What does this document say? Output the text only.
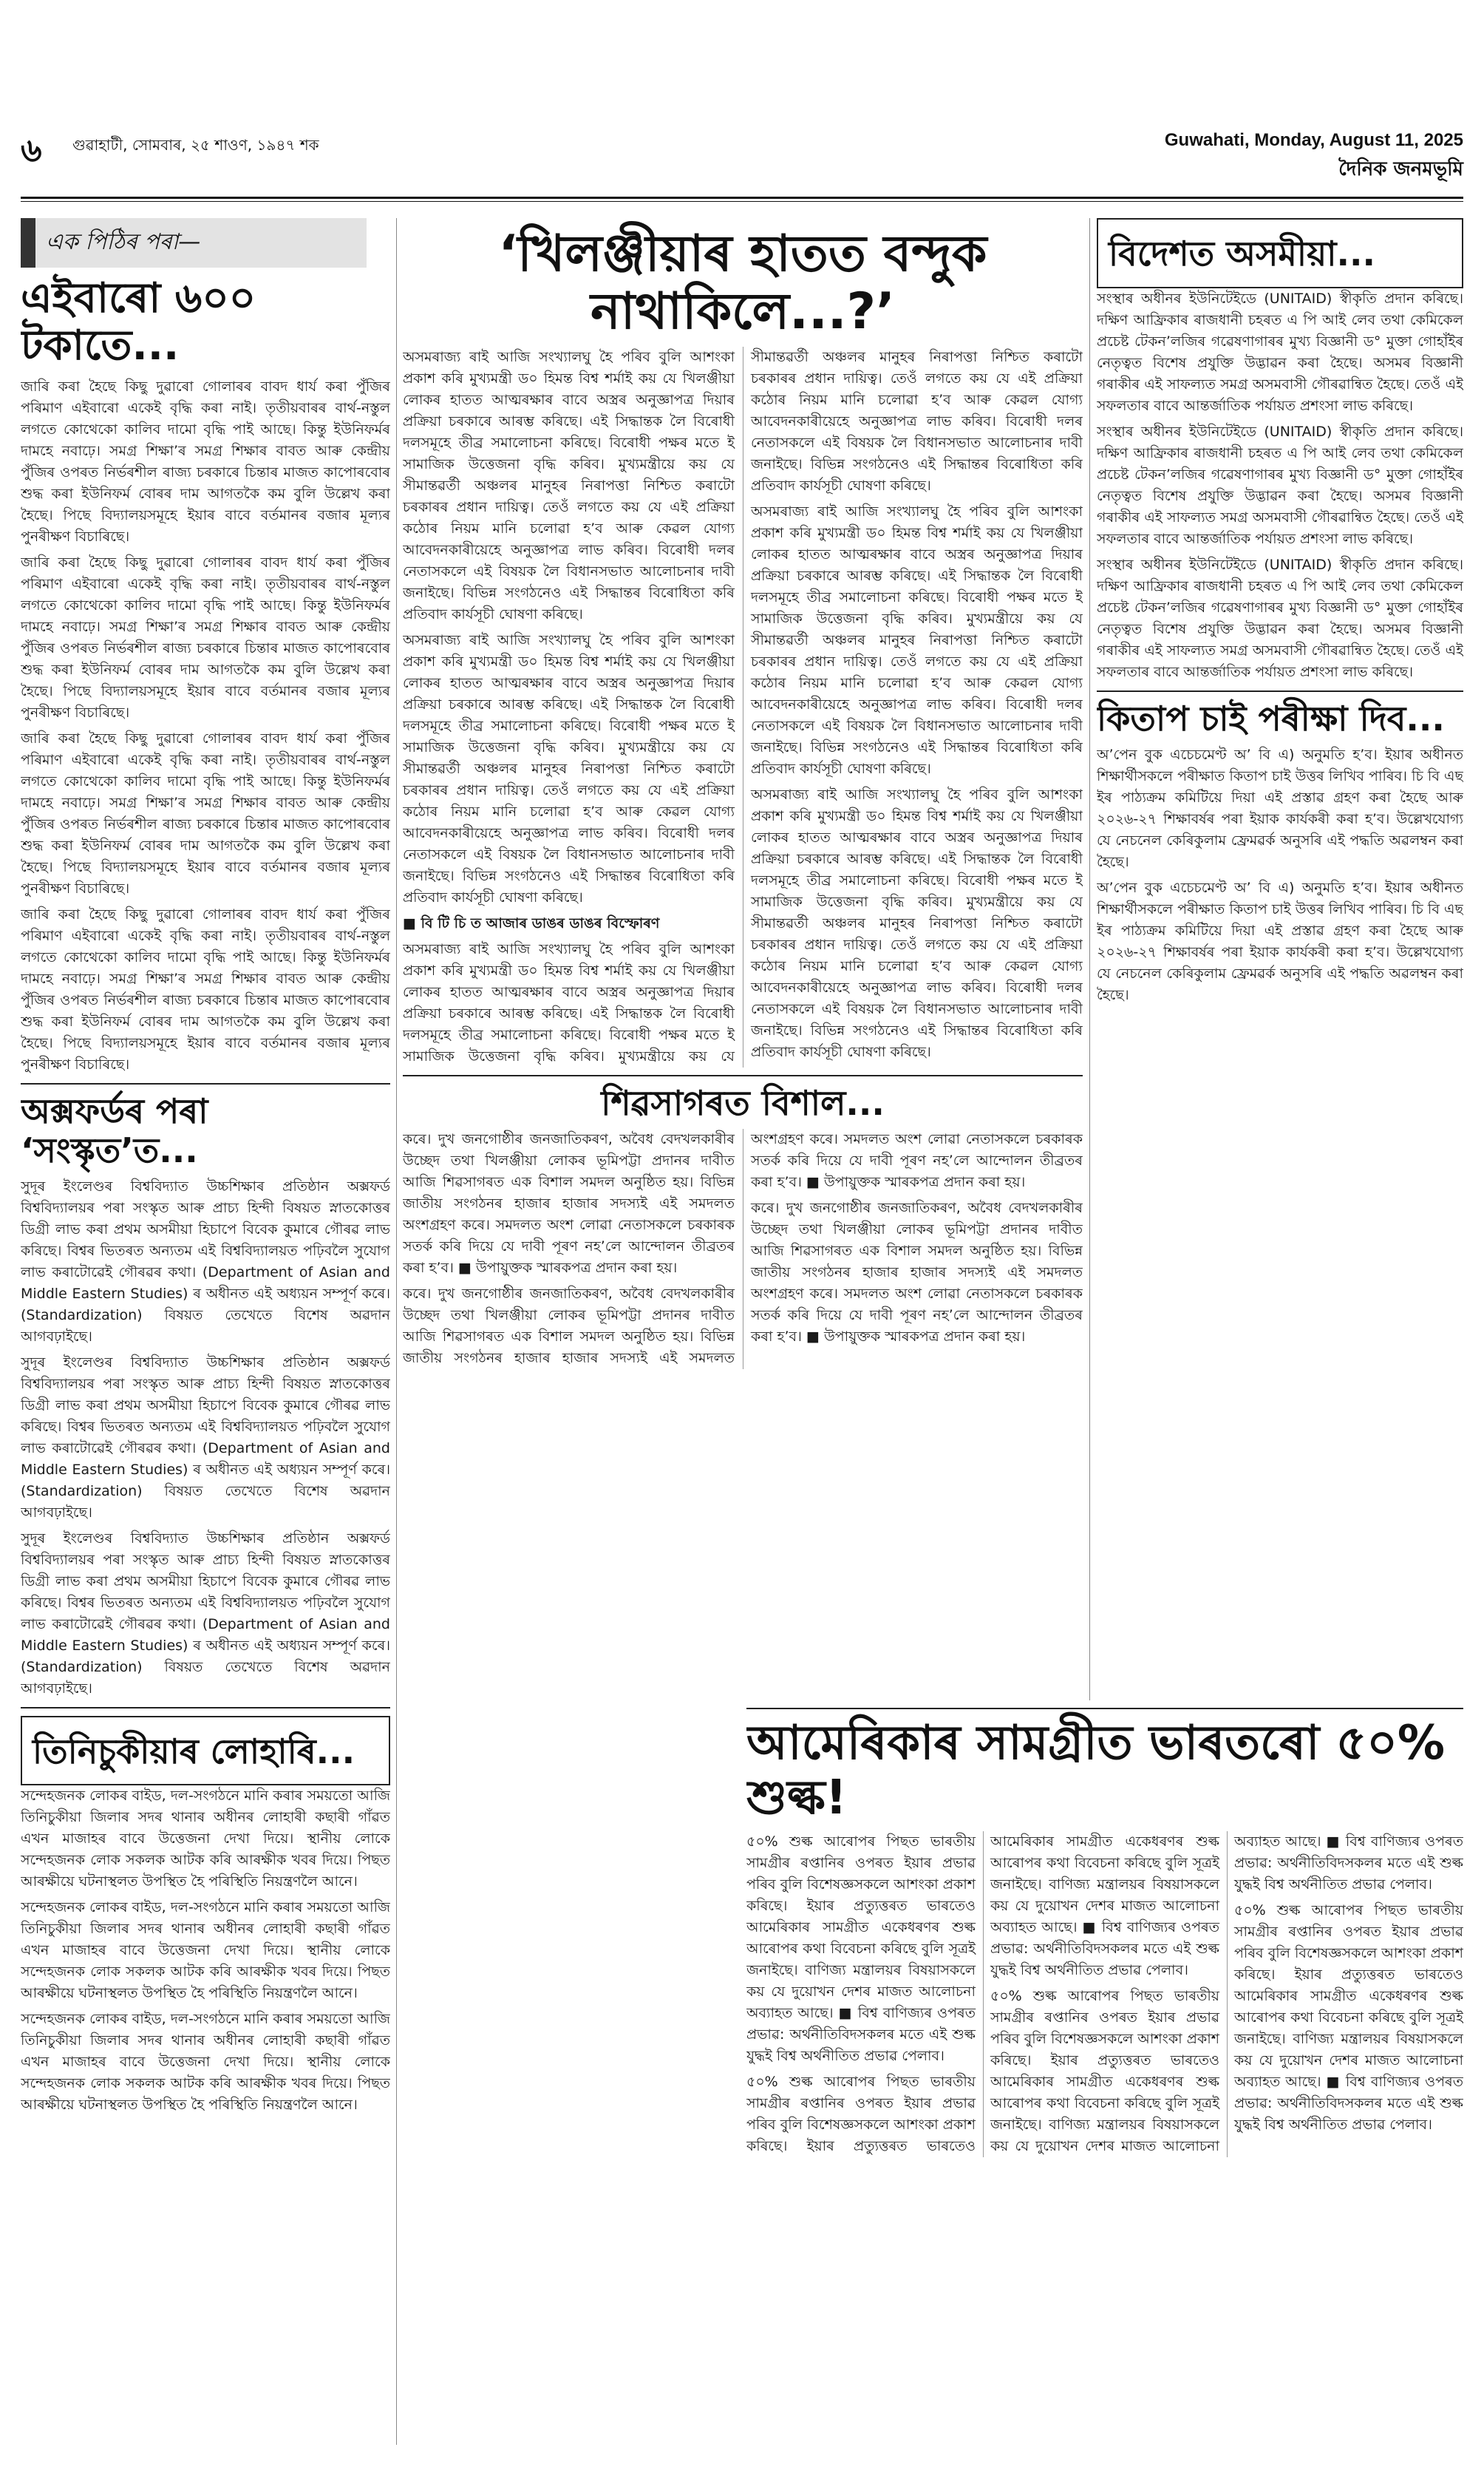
৬ গুৱাহাটী, সোমবাৰ, ২৫ শাওণ, ১৯৪৭ শক	Guwahati, Monday, August 11, 2025
দৈনিক জনমভূমি
এক পিঠিৰ পৰা—
এইবাৰো ৬০০ টকাতে...

জাৰি কৰা হৈছে কিছু দুৱাৰো গোলাৰৰ বাবদ ধাৰ্য কৰা পুঁজিৰ পৰিমাণ এইবাৰো একেই বৃদ্ধি কৰা নাই। তৃতীয়বাৰৰ বাৰ্থ-নস্তুল লগতে কোথেকো কালিব দামো বৃদ্ধি পাই আছে। কিন্তু ইউনিফৰ্মৰ দামহে নবাঢ়ে। সমগ্ৰ শিক্ষা’ৰ সমগ্ৰ শিক্ষাৰ বাবত আৰু কেন্দ্ৰীয় পুঁজিৰ ওপৰত নিৰ্ভৰশীল ৰাজ্য চৰকাৰে চিন্তাৰ মাজত কাপোৰবোৰ শুদ্ধ কৰা ইউনিফৰ্ম বোৰৰ দাম আগতকৈ কম বুলি উল্লেখ কৰা হৈছে। পিছে বিদ্যালয়সমূহে ইয়াৰ বাবে বৰ্তমানৰ বজাৰ মূল্যৰ পুনৰীক্ষণ বিচাৰিছে।

জাৰি কৰা হৈছে কিছু দুৱাৰো গোলাৰৰ বাবদ ধাৰ্য কৰা পুঁজিৰ পৰিমাণ এইবাৰো একেই বৃদ্ধি কৰা নাই। তৃতীয়বাৰৰ বাৰ্থ-নস্তুল লগতে কোথেকো কালিব দামো বৃদ্ধি পাই আছে। কিন্তু ইউনিফৰ্মৰ দামহে নবাঢ়ে। সমগ্ৰ শিক্ষা’ৰ সমগ্ৰ শিক্ষাৰ বাবত আৰু কেন্দ্ৰীয় পুঁজিৰ ওপৰত নিৰ্ভৰশীল ৰাজ্য চৰকাৰে চিন্তাৰ মাজত কাপোৰবোৰ শুদ্ধ কৰা ইউনিফৰ্ম বোৰৰ দাম আগতকৈ কম বুলি উল্লেখ কৰা হৈছে। পিছে বিদ্যালয়সমূহে ইয়াৰ বাবে বৰ্তমানৰ বজাৰ মূল্যৰ পুনৰীক্ষণ বিচাৰিছে।

জাৰি কৰা হৈছে কিছু দুৱাৰো গোলাৰৰ বাবদ ধাৰ্য কৰা পুঁজিৰ পৰিমাণ এইবাৰো একেই বৃদ্ধি কৰা নাই। তৃতীয়বাৰৰ বাৰ্থ-নস্তুল লগতে কোথেকো কালিব দামো বৃদ্ধি পাই আছে। কিন্তু ইউনিফৰ্মৰ দামহে নবাঢ়ে। সমগ্ৰ শিক্ষা’ৰ সমগ্ৰ শিক্ষাৰ বাবত আৰু কেন্দ্ৰীয় পুঁজিৰ ওপৰত নিৰ্ভৰশীল ৰাজ্য চৰকাৰে চিন্তাৰ মাজত কাপোৰবোৰ শুদ্ধ কৰা ইউনিফৰ্ম বোৰৰ দাম আগতকৈ কম বুলি উল্লেখ কৰা হৈছে। পিছে বিদ্যালয়সমূহে ইয়াৰ বাবে বৰ্তমানৰ বজাৰ মূল্যৰ পুনৰীক্ষণ বিচাৰিছে।

জাৰি কৰা হৈছে কিছু দুৱাৰো গোলাৰৰ বাবদ ধাৰ্য কৰা পুঁজিৰ পৰিমাণ এইবাৰো একেই বৃদ্ধি কৰা নাই। তৃতীয়বাৰৰ বাৰ্থ-নস্তুল লগতে কোথেকো কালিব দামো বৃদ্ধি পাই আছে। কিন্তু ইউনিফৰ্মৰ দামহে নবাঢ়ে। সমগ্ৰ শিক্ষা’ৰ সমগ্ৰ শিক্ষাৰ বাবত আৰু কেন্দ্ৰীয় পুঁজিৰ ওপৰত নিৰ্ভৰশীল ৰাজ্য চৰকাৰে চিন্তাৰ মাজত কাপোৰবোৰ শুদ্ধ কৰা ইউনিফৰ্ম বোৰৰ দাম আগতকৈ কম বুলি উল্লেখ কৰা হৈছে। পিছে বিদ্যালয়সমূহে ইয়াৰ বাবে বৰ্তমানৰ বজাৰ মূল্যৰ পুনৰীক্ষণ বিচাৰিছে।

অক্সফৰ্ডৰ পৰা ‘সংস্কৃত’ত...

সুদূৰ ইংলেণ্ডৰ বিশ্ববিদ্যাত উচ্চশিক্ষাৰ প্ৰতিষ্ঠান অক্সফৰ্ড বিশ্ববিদ্যালয়ৰ পৰা সংস্কৃত আৰু প্ৰাচ্য হিন্দী বিষয়ত স্নাতকোত্তৰ ডিগ্ৰী লাভ কৰা প্ৰথম অসমীয়া হিচাপে বিবেক কুমাৰে গৌৰৱ লাভ কৰিছে। বিশ্বৰ ভিতৰত অন্যতম এই বিশ্ববিদ্যালয়ত পঢ়িবলৈ সুযোগ লাভ কৰাটোৱেই গৌৰৱৰ কথা। (Department of Asian and Middle Eastern Studies) ৰ অধীনত এই অধ্যয়ন সম্পূৰ্ণ কৰে। (Standardization) বিষয়ত তেখেতে বিশেষ অৱদান আগবঢ়াইছে।

সুদূৰ ইংলেণ্ডৰ বিশ্ববিদ্যাত উচ্চশিক্ষাৰ প্ৰতিষ্ঠান অক্সফৰ্ড বিশ্ববিদ্যালয়ৰ পৰা সংস্কৃত আৰু প্ৰাচ্য হিন্দী বিষয়ত স্নাতকোত্তৰ ডিগ্ৰী লাভ কৰা প্ৰথম অসমীয়া হিচাপে বিবেক কুমাৰে গৌৰৱ লাভ কৰিছে। বিশ্বৰ ভিতৰত অন্যতম এই বিশ্ববিদ্যালয়ত পঢ়িবলৈ সুযোগ লাভ কৰাটোৱেই গৌৰৱৰ কথা। (Department of Asian and Middle Eastern Studies) ৰ অধীনত এই অধ্যয়ন সম্পূৰ্ণ কৰে। (Standardization) বিষয়ত তেখেতে বিশেষ অৱদান আগবঢ়াইছে।

সুদূৰ ইংলেণ্ডৰ বিশ্ববিদ্যাত উচ্চশিক্ষাৰ প্ৰতিষ্ঠান অক্সফৰ্ড বিশ্ববিদ্যালয়ৰ পৰা সংস্কৃত আৰু প্ৰাচ্য হিন্দী বিষয়ত স্নাতকোত্তৰ ডিগ্ৰী লাভ কৰা প্ৰথম অসমীয়া হিচাপে বিবেক কুমাৰে গৌৰৱ লাভ কৰিছে। বিশ্বৰ ভিতৰত অন্যতম এই বিশ্ববিদ্যালয়ত পঢ়িবলৈ সুযোগ লাভ কৰাটোৱেই গৌৰৱৰ কথা। (Department of Asian and Middle Eastern Studies) ৰ অধীনত এই অধ্যয়ন সম্পূৰ্ণ কৰে। (Standardization) বিষয়ত তেখেতে বিশেষ অৱদান আগবঢ়াইছে।

তিনিচুকীয়াৰ লোহাৰি...

সন্দেহজনক লোকৰ বাইড, দল-সংগঠনে মানি কৰাৰ সময়তো আজি তিনিচুকীয়া জিলাৰ সদৰ থানাৰ অধীনৰ লোহাৰী কছাৰী গাঁৱত এখন মাজাহৰ বাবে উত্তেজনা দেখা দিয়ে। স্থানীয় লোকে সন্দেহজনক লোক সকলক আটক কৰি আৰক্ষীক খবৰ দিয়ে। পিছত আৰক্ষীয়ে ঘটনাস্থলত উপস্থিত হৈ পৰিস্থিতি নিয়ন্ত্ৰণলৈ আনে।

সন্দেহজনক লোকৰ বাইড, দল-সংগঠনে মানি কৰাৰ সময়তো আজি তিনিচুকীয়া জিলাৰ সদৰ থানাৰ অধীনৰ লোহাৰী কছাৰী গাঁৱত এখন মাজাহৰ বাবে উত্তেজনা দেখা দিয়ে। স্থানীয় লোকে সন্দেহজনক লোক সকলক আটক কৰি আৰক্ষীক খবৰ দিয়ে। পিছত আৰক্ষীয়ে ঘটনাস্থলত উপস্থিত হৈ পৰিস্থিতি নিয়ন্ত্ৰণলৈ আনে।

সন্দেহজনক লোকৰ বাইড, দল-সংগঠনে মানি কৰাৰ সময়তো আজি তিনিচুকীয়া জিলাৰ সদৰ থানাৰ অধীনৰ লোহাৰী কছাৰী গাঁৱত এখন মাজাহৰ বাবে উত্তেজনা দেখা দিয়ে। স্থানীয় লোকে সন্দেহজনক লোক সকলক আটক কৰি আৰক্ষীক খবৰ দিয়ে। পিছত আৰক্ষীয়ে ঘটনাস্থলত উপস্থিত হৈ পৰিস্থিতি নিয়ন্ত্ৰণলৈ আনে।

‘খিলঞ্জীয়াৰ হাতত বন্দুক নাথাকিলে...?’

অসমৰাজ্য ৰাই আজি সংখ্যালঘু হৈ পৰিব বুলি আশংকা প্ৰকাশ কৰি মুখ্যমন্ত্ৰী ড০ হিমন্ত বিশ্ব শৰ্মাই কয় যে খিলঞ্জীয়া লোকৰ হাতত আত্মৰক্ষাৰ বাবে অস্ত্ৰৰ অনুজ্ঞাপত্ৰ দিয়াৰ প্ৰক্ৰিয়া চৰকাৰে আৰম্ভ কৰিছে। এই সিদ্ধান্তক লৈ বিৰোধী দলসমূহে তীব্ৰ সমালোচনা কৰিছে। বিৰোধী পক্ষৰ মতে ই সামাজিক উত্তেজনা বৃদ্ধি কৰিব। মুখ্যমন্ত্ৰীয়ে কয় যে সীমান্তৱৰ্তী অঞ্চলৰ মানুহৰ নিৰাপত্তা নিশ্চিত কৰাটো চৰকাৰৰ প্ৰধান দায়িত্ব। তেওঁ লগতে কয় যে এই প্ৰক্ৰিয়া কঠোৰ নিয়ম মানি চলোৱা হ’ব আৰু কেৱল যোগ্য আবেদনকাৰীয়েহে অনুজ্ঞাপত্ৰ লাভ কৰিব। বিৰোধী দলৰ নেতাসকলে এই বিষয়ক লৈ বিধানসভাত আলোচনাৰ দাবী জনাইছে। বিভিন্ন সংগঠনেও এই সিদ্ধান্তৰ বিৰোধিতা কৰি প্ৰতিবাদ কাৰ্যসূচী ঘোষণা কৰিছে।

অসমৰাজ্য ৰাই আজি সংখ্যালঘু হৈ পৰিব বুলি আশংকা প্ৰকাশ কৰি মুখ্যমন্ত্ৰী ড০ হিমন্ত বিশ্ব শৰ্মাই কয় যে খিলঞ্জীয়া লোকৰ হাতত আত্মৰক্ষাৰ বাবে অস্ত্ৰৰ অনুজ্ঞাপত্ৰ দিয়াৰ প্ৰক্ৰিয়া চৰকাৰে আৰম্ভ কৰিছে। এই সিদ্ধান্তক লৈ বিৰোধী দলসমূহে তীব্ৰ সমালোচনা কৰিছে। বিৰোধী পক্ষৰ মতে ই সামাজিক উত্তেজনা বৃদ্ধি কৰিব। মুখ্যমন্ত্ৰীয়ে কয় যে সীমান্তৱৰ্তী অঞ্চলৰ মানুহৰ নিৰাপত্তা নিশ্চিত কৰাটো চৰকাৰৰ প্ৰধান দায়িত্ব। তেওঁ লগতে কয় যে এই প্ৰক্ৰিয়া কঠোৰ নিয়ম মানি চলোৱা হ’ব আৰু কেৱল যোগ্য আবেদনকাৰীয়েহে অনুজ্ঞাপত্ৰ লাভ কৰিব। বিৰোধী দলৰ নেতাসকলে এই বিষয়ক লৈ বিধানসভাত আলোচনাৰ দাবী জনাইছে। বিভিন্ন সংগঠনেও এই সিদ্ধান্তৰ বিৰোধিতা কৰি প্ৰতিবাদ কাৰ্যসূচী ঘোষণা কৰিছে।

■ বি টি চি ত আজাৰ ডাঙৰ ডাঙৰ বিস্ফোৰণ

অসমৰাজ্য ৰাই আজি সংখ্যালঘু হৈ পৰিব বুলি আশংকা প্ৰকাশ কৰি মুখ্যমন্ত্ৰী ড০ হিমন্ত বিশ্ব শৰ্মাই কয় যে খিলঞ্জীয়া লোকৰ হাতত আত্মৰক্ষাৰ বাবে অস্ত্ৰৰ অনুজ্ঞাপত্ৰ দিয়াৰ প্ৰক্ৰিয়া চৰকাৰে আৰম্ভ কৰিছে। এই সিদ্ধান্তক লৈ বিৰোধী দলসমূহে তীব্ৰ সমালোচনা কৰিছে। বিৰোধী পক্ষৰ মতে ই সামাজিক উত্তেজনা বৃদ্ধি কৰিব। মুখ্যমন্ত্ৰীয়ে কয় যে সীমান্তৱৰ্তী অঞ্চলৰ মানুহৰ নিৰাপত্তা নিশ্চিত কৰাটো চৰকাৰৰ প্ৰধান দায়িত্ব। তেওঁ লগতে কয় যে এই প্ৰক্ৰিয়া কঠোৰ নিয়ম মানি চলোৱা হ’ব আৰু কেৱল যোগ্য আবেদনকাৰীয়েহে অনুজ্ঞাপত্ৰ লাভ কৰিব। বিৰোধী দলৰ নেতাসকলে এই বিষয়ক লৈ বিধানসভাত আলোচনাৰ দাবী জনাইছে। বিভিন্ন সংগঠনেও এই সিদ্ধান্তৰ বিৰোধিতা কৰি প্ৰতিবাদ কাৰ্যসূচী ঘোষণা কৰিছে।

অসমৰাজ্য ৰাই আজি সংখ্যালঘু হৈ পৰিব বুলি আশংকা প্ৰকাশ কৰি মুখ্যমন্ত্ৰী ড০ হিমন্ত বিশ্ব শৰ্মাই কয় যে খিলঞ্জীয়া লোকৰ হাতত আত্মৰক্ষাৰ বাবে অস্ত্ৰৰ অনুজ্ঞাপত্ৰ দিয়াৰ প্ৰক্ৰিয়া চৰকাৰে আৰম্ভ কৰিছে। এই সিদ্ধান্তক লৈ বিৰোধী দলসমূহে তীব্ৰ সমালোচনা কৰিছে। বিৰোধী পক্ষৰ মতে ই সামাজিক উত্তেজনা বৃদ্ধি কৰিব। মুখ্যমন্ত্ৰীয়ে কয় যে সীমান্তৱৰ্তী অঞ্চলৰ মানুহৰ নিৰাপত্তা নিশ্চিত কৰাটো চৰকাৰৰ প্ৰধান দায়িত্ব। তেওঁ লগতে কয় যে এই প্ৰক্ৰিয়া কঠোৰ নিয়ম মানি চলোৱা হ’ব আৰু কেৱল যোগ্য আবেদনকাৰীয়েহে অনুজ্ঞাপত্ৰ লাভ কৰিব। বিৰোধী দলৰ নেতাসকলে এই বিষয়ক লৈ বিধানসভাত আলোচনাৰ দাবী জনাইছে। বিভিন্ন সংগঠনেও এই সিদ্ধান্তৰ বিৰোধিতা কৰি প্ৰতিবাদ কাৰ্যসূচী ঘোষণা কৰিছে।

অসমৰাজ্য ৰাই আজি সংখ্যালঘু হৈ পৰিব বুলি আশংকা প্ৰকাশ কৰি মুখ্যমন্ত্ৰী ড০ হিমন্ত বিশ্ব শৰ্মাই কয় যে খিলঞ্জীয়া লোকৰ হাতত আত্মৰক্ষাৰ বাবে অস্ত্ৰৰ অনুজ্ঞাপত্ৰ দিয়াৰ প্ৰক্ৰিয়া চৰকাৰে আৰম্ভ কৰিছে। এই সিদ্ধান্তক লৈ বিৰোধী দলসমূহে তীব্ৰ সমালোচনা কৰিছে। বিৰোধী পক্ষৰ মতে ই সামাজিক উত্তেজনা বৃদ্ধি কৰিব। মুখ্যমন্ত্ৰীয়ে কয় যে সীমান্তৱৰ্তী অঞ্চলৰ মানুহৰ নিৰাপত্তা নিশ্চিত কৰাটো চৰকাৰৰ প্ৰধান দায়িত্ব। তেওঁ লগতে কয় যে এই প্ৰক্ৰিয়া কঠোৰ নিয়ম মানি চলোৱা হ’ব আৰু কেৱল যোগ্য আবেদনকাৰীয়েহে অনুজ্ঞাপত্ৰ লাভ কৰিব। বিৰোধী দলৰ নেতাসকলে এই বিষয়ক লৈ বিধানসভাত আলোচনাৰ দাবী জনাইছে। বিভিন্ন সংগঠনেও এই সিদ্ধান্তৰ বিৰোধিতা কৰি প্ৰতিবাদ কাৰ্যসূচী ঘোষণা কৰিছে।

শিৱসাগৰত বিশাল...

কৰে। দুখ জনগোষ্ঠীৰ জনজাতিকৰণ, অবৈধ বেদখলকাৰীৰ উচ্ছেদ তথা খিলঞ্জীয়া লোকৰ ভূমিপট্টা প্ৰদানৰ দাবীত আজি শিৱসাগৰত এক বিশাল সমদল অনুষ্ঠিত হয়। বিভিন্ন জাতীয় সংগঠনৰ হাজাৰ হাজাৰ সদস্যই এই সমদলত অংশগ্ৰহণ কৰে। সমদলত অংশ লোৱা নেতাসকলে চৰকাৰক সতৰ্ক কৰি দিয়ে যে দাবী পূৰণ নহ’লে আন্দোলন তীব্ৰতৰ কৰা হ’ব। ■ উপায়ুক্তক স্মাৰকপত্ৰ প্ৰদান কৰা হয়।

কৰে। দুখ জনগোষ্ঠীৰ জনজাতিকৰণ, অবৈধ বেদখলকাৰীৰ উচ্ছেদ তথা খিলঞ্জীয়া লোকৰ ভূমিপট্টা প্ৰদানৰ দাবীত আজি শিৱসাগৰত এক বিশাল সমদল অনুষ্ঠিত হয়। বিভিন্ন জাতীয় সংগঠনৰ হাজাৰ হাজাৰ সদস্যই এই সমদলত অংশগ্ৰহণ কৰে। সমদলত অংশ লোৱা নেতাসকলে চৰকাৰক সতৰ্ক কৰি দিয়ে যে দাবী পূৰণ নহ’লে আন্দোলন তীব্ৰতৰ কৰা হ’ব। ■ উপায়ুক্তক স্মাৰকপত্ৰ প্ৰদান কৰা হয়।

কৰে। দুখ জনগোষ্ঠীৰ জনজাতিকৰণ, অবৈধ বেদখলকাৰীৰ উচ্ছেদ তথা খিলঞ্জীয়া লোকৰ ভূমিপট্টা প্ৰদানৰ দাবীত আজি শিৱসাগৰত এক বিশাল সমদল অনুষ্ঠিত হয়। বিভিন্ন জাতীয় সংগঠনৰ হাজাৰ হাজাৰ সদস্যই এই সমদলত অংশগ্ৰহণ কৰে। সমদলত অংশ লোৱা নেতাসকলে চৰকাৰক সতৰ্ক কৰি দিয়ে যে দাবী পূৰণ নহ’লে আন্দোলন তীব্ৰতৰ কৰা হ’ব। ■ উপায়ুক্তক স্মাৰকপত্ৰ প্ৰদান কৰা হয়।

আমেৰিকাৰ সামগ্ৰীত ভাৰতৰো ৫০% শুল্ক!

৫০% শুল্ক আৰোপৰ পিছত ভাৰতীয় সামগ্ৰীৰ ৰপ্তানিৰ ওপৰত ইয়াৰ প্ৰভাৱ পৰিব বুলি বিশেষজ্ঞসকলে আশংকা প্ৰকাশ কৰিছে। ইয়াৰ প্ৰত্যুত্তৰত ভাৰতেও আমেৰিকাৰ সামগ্ৰীত একেধৰণৰ শুল্ক আৰোপৰ কথা বিবেচনা কৰিছে বুলি সূত্ৰই জনাইছে। বাণিজ্য মন্ত্ৰালয়ৰ বিষয়াসকলে কয় যে দুয়োখন দেশৰ মাজত আলোচনা অব্যাহত আছে। ■ বিশ্ব বাণিজ্যৰ ওপৰত প্ৰভাৱ: অৰ্থনীতিবিদসকলৰ মতে এই শুল্ক যুদ্ধই বিশ্ব অৰ্থনীতিত প্ৰভাৱ পেলাব।

৫০% শুল্ক আৰোপৰ পিছত ভাৰতীয় সামগ্ৰীৰ ৰপ্তানিৰ ওপৰত ইয়াৰ প্ৰভাৱ পৰিব বুলি বিশেষজ্ঞসকলে আশংকা প্ৰকাশ কৰিছে। ইয়াৰ প্ৰত্যুত্তৰত ভাৰতেও আমেৰিকাৰ সামগ্ৰীত একেধৰণৰ শুল্ক আৰোপৰ কথা বিবেচনা কৰিছে বুলি সূত্ৰই জনাইছে। বাণিজ্য মন্ত্ৰালয়ৰ বিষয়াসকলে কয় যে দুয়োখন দেশৰ মাজত আলোচনা অব্যাহত আছে। ■ বিশ্ব বাণিজ্যৰ ওপৰত প্ৰভাৱ: অৰ্থনীতিবিদসকলৰ মতে এই শুল্ক যুদ্ধই বিশ্ব অৰ্থনীতিত প্ৰভাৱ পেলাব।

৫০% শুল্ক আৰোপৰ পিছত ভাৰতীয় সামগ্ৰীৰ ৰপ্তানিৰ ওপৰত ইয়াৰ প্ৰভাৱ পৰিব বুলি বিশেষজ্ঞসকলে আশংকা প্ৰকাশ কৰিছে। ইয়াৰ প্ৰত্যুত্তৰত ভাৰতেও আমেৰিকাৰ সামগ্ৰীত একেধৰণৰ শুল্ক আৰোপৰ কথা বিবেচনা কৰিছে বুলি সূত্ৰই জনাইছে। বাণিজ্য মন্ত্ৰালয়ৰ বিষয়াসকলে কয় যে দুয়োখন দেশৰ মাজত আলোচনা অব্যাহত আছে। ■ বিশ্ব বাণিজ্যৰ ওপৰত প্ৰভাৱ: অৰ্থনীতিবিদসকলৰ মতে এই শুল্ক যুদ্ধই বিশ্ব অৰ্থনীতিত প্ৰভাৱ পেলাব।

৫০% শুল্ক আৰোপৰ পিছত ভাৰতীয় সামগ্ৰীৰ ৰপ্তানিৰ ওপৰত ইয়াৰ প্ৰভাৱ পৰিব বুলি বিশেষজ্ঞসকলে আশংকা প্ৰকাশ কৰিছে। ইয়াৰ প্ৰত্যুত্তৰত ভাৰতেও আমেৰিকাৰ সামগ্ৰীত একেধৰণৰ শুল্ক আৰোপৰ কথা বিবেচনা কৰিছে বুলি সূত্ৰই জনাইছে। বাণিজ্য মন্ত্ৰালয়ৰ বিষয়াসকলে কয় যে দুয়োখন দেশৰ মাজত আলোচনা অব্যাহত আছে। ■ বিশ্ব বাণিজ্যৰ ওপৰত প্ৰভাৱ: অৰ্থনীতিবিদসকলৰ মতে এই শুল্ক যুদ্ধই বিশ্ব অৰ্থনীতিত প্ৰভাৱ পেলাব।

বিদেশত অসমীয়া...

সংস্থাৰ অধীনৰ ইউনিটেইডে (UNITAID) স্বীকৃতি প্ৰদান কৰিছে। দক্ষিণ আফ্ৰিকাৰ ৰাজধানী চহৰত এ পি আই লেব তথা কেমিকেল প্ৰচেষ্ট টেকন’লজিৰ গৱেষণাগাৰৰ মুখ্য বিজ্ঞানী ড° মুক্তা গোহাঁইৰ নেতৃত্বত বিশেষ প্ৰযুক্তি উদ্ভাৱন কৰা হৈছে। অসমৰ বিজ্ঞানী গৰাকীৰ এই সাফল্যত সমগ্ৰ অসমবাসী গৌৰৱান্বিত হৈছে। তেওঁ এই সফলতাৰ বাবে আন্তৰ্জাতিক পৰ্যায়ত প্ৰশংসা লাভ কৰিছে।

সংস্থাৰ অধীনৰ ইউনিটেইডে (UNITAID) স্বীকৃতি প্ৰদান কৰিছে। দক্ষিণ আফ্ৰিকাৰ ৰাজধানী চহৰত এ পি আই লেব তথা কেমিকেল প্ৰচেষ্ট টেকন’লজিৰ গৱেষণাগাৰৰ মুখ্য বিজ্ঞানী ড° মুক্তা গোহাঁইৰ নেতৃত্বত বিশেষ প্ৰযুক্তি উদ্ভাৱন কৰা হৈছে। অসমৰ বিজ্ঞানী গৰাকীৰ এই সাফল্যত সমগ্ৰ অসমবাসী গৌৰৱান্বিত হৈছে। তেওঁ এই সফলতাৰ বাবে আন্তৰ্জাতিক পৰ্যায়ত প্ৰশংসা লাভ কৰিছে।

সংস্থাৰ অধীনৰ ইউনিটেইডে (UNITAID) স্বীকৃতি প্ৰদান কৰিছে। দক্ষিণ আফ্ৰিকাৰ ৰাজধানী চহৰত এ পি আই লেব তথা কেমিকেল প্ৰচেষ্ট টেকন’লজিৰ গৱেষণাগাৰৰ মুখ্য বিজ্ঞানী ড° মুক্তা গোহাঁইৰ নেতৃত্বত বিশেষ প্ৰযুক্তি উদ্ভাৱন কৰা হৈছে। অসমৰ বিজ্ঞানী গৰাকীৰ এই সাফল্যত সমগ্ৰ অসমবাসী গৌৰৱান্বিত হৈছে। তেওঁ এই সফলতাৰ বাবে আন্তৰ্জাতিক পৰ্যায়ত প্ৰশংসা লাভ কৰিছে।

কিতাপ চাই পৰীক্ষা দিব...

অ’পেন বুক এচেচমেণ্ট অ’ বি এ) অনুমতি হ’ব। ইয়াৰ অধীনত শিক্ষাৰ্থীসকলে পৰীক্ষাত কিতাপ চাই উত্তৰ লিখিব পাৰিব। চি বি এছ ইৰ পাঠ্যক্ৰম কমিটিয়ে দিয়া এই প্ৰস্তাৱ গ্ৰহণ কৰা হৈছে আৰু ২০২৬-২৭ শিক্ষাবৰ্ষৰ পৰা ইয়াক কাৰ্যকৰী কৰা হ’ব। উল্লেখযোগ্য যে নেচনেল কেৰিকুলাম ফ্ৰেমৱৰ্ক অনুসৰি এই পদ্ধতি অৱলম্বন কৰা হৈছে।

অ’পেন বুক এচেচমেণ্ট অ’ বি এ) অনুমতি হ’ব। ইয়াৰ অধীনত শিক্ষাৰ্থীসকলে পৰীক্ষাত কিতাপ চাই উত্তৰ লিখিব পাৰিব। চি বি এছ ইৰ পাঠ্যক্ৰম কমিটিয়ে দিয়া এই প্ৰস্তাৱ গ্ৰহণ কৰা হৈছে আৰু ২০২৬-২৭ শিক্ষাবৰ্ষৰ পৰা ইয়াক কাৰ্যকৰী কৰা হ’ব। উল্লেখযোগ্য যে নেচনেল কেৰিকুলাম ফ্ৰেমৱৰ্ক অনুসৰি এই পদ্ধতি অৱলম্বন কৰা হৈছে।
